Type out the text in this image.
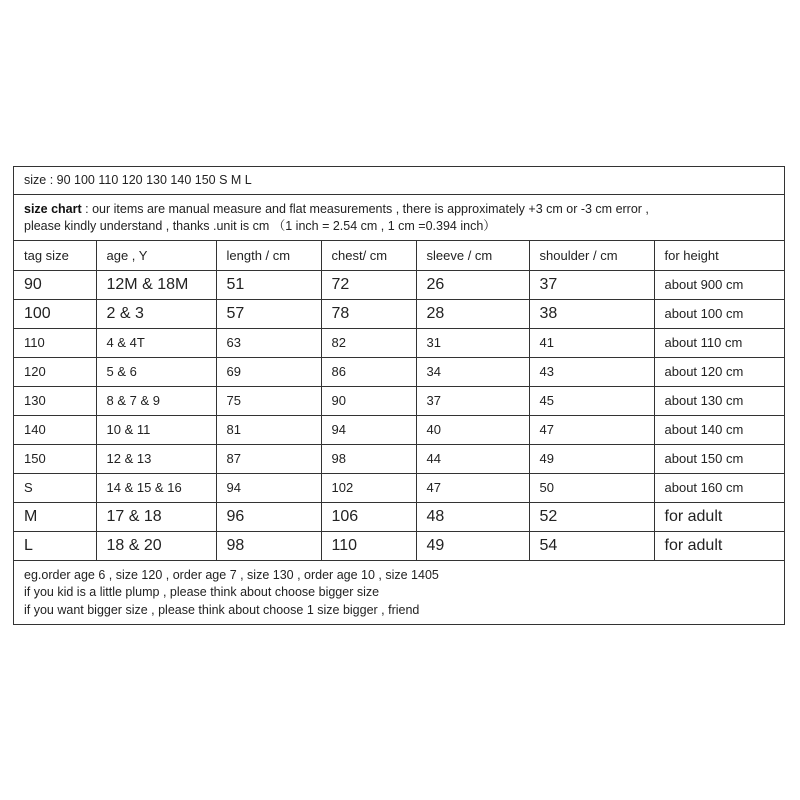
size : 90 100 110 120 130 140 150 S M L
size chart : our items are manual measure and flat measurements , there is approximately +3 cm or -3 cm error ,
please kindly understand , thanks .unit is cm （1 inch = 2.54 cm , 1 cm =0.394 inch）
tag size	age , Y	length / cm	chest/ cm	sleeve / cm	shoulder / cm	for height
90	12M & 18M	51	72	26	37	about 900 cm
100	2 & 3	57	78	28	38	about 100 cm
110	4 & 4T	63	82	31	41	about 110 cm
120	5 & 6	69	86	34	43	about 120 cm
130	8 & 7 & 9	75	90	37	45	about 130 cm
140	10 & 11	81	94	40	47	about 140 cm
150	12 & 13	87	98	44	49	about 150 cm
S	14 & 15 & 16	94	102	47	50	about 160 cm
M	17 & 18	96	106	48	52	for adult
L	18 & 20	98	110	49	54	for adult
eg.order age 6 , size 120 , order age 7 , size 130 , order age 10 , size 1405
if you kid is a little plump , please think about choose bigger size
if you want bigger size , please think about choose 1 size bigger , friend
